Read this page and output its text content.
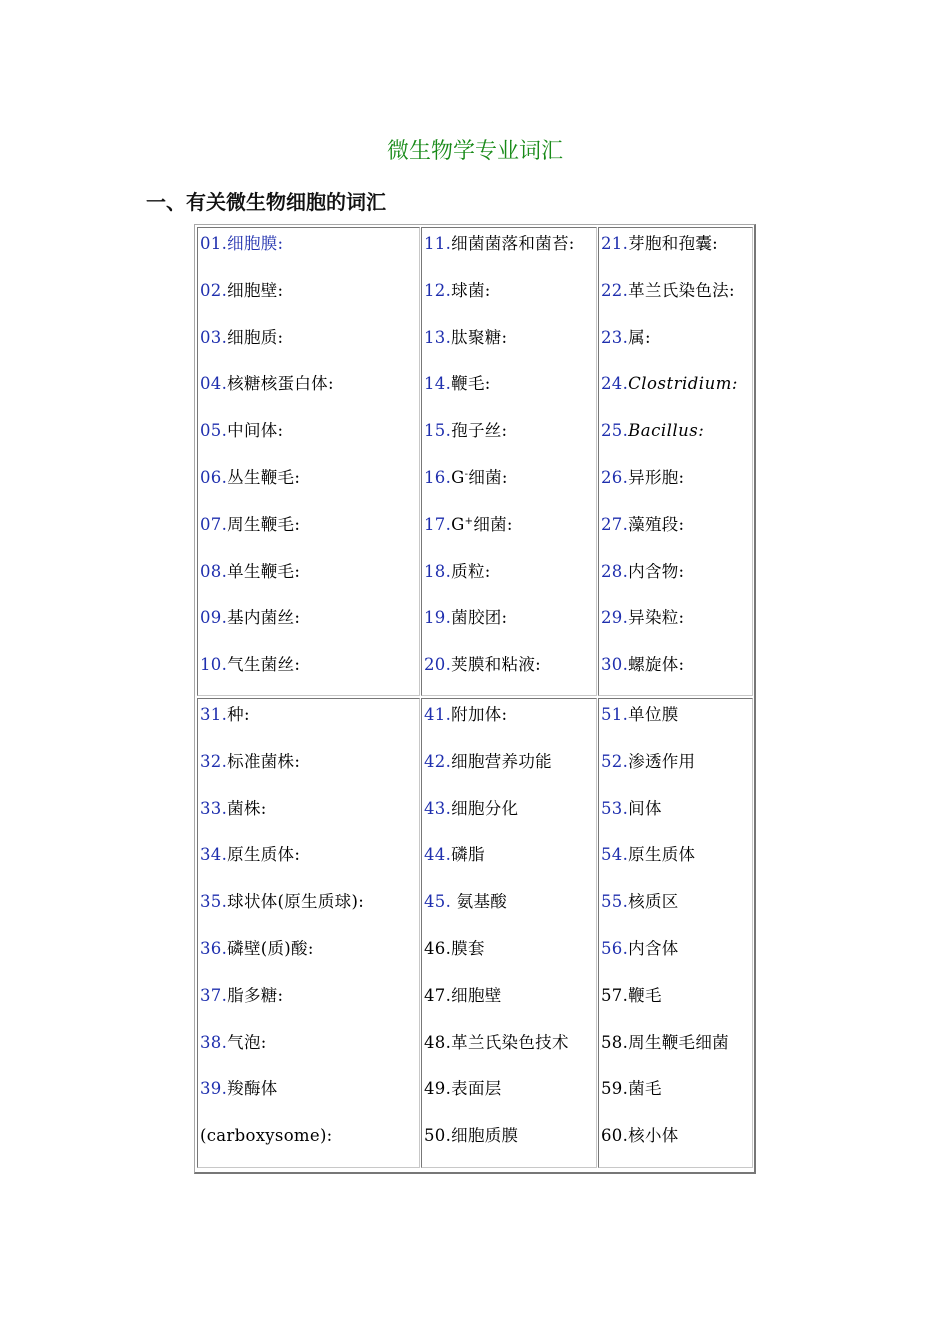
微生物学专业词汇
一、有关微生物细胞的词汇
01.细胞膜:
02.细胞壁:
03.细胞质:
04.核糖核蛋白体:
05.中间体:
06.丛生鞭毛:
07.周生鞭毛:
08.单生鞭毛:
09.基内菌丝:
10.气生菌丝:
11.细菌菌落和菌苔:
12.球菌:
13.肽聚糖:
14.鞭毛:
15.孢子丝:
16.G-细菌:
17.G+细菌:
18.质粒:
19.菌胶团:
20.荚膜和粘液:
21.芽胞和孢囊:
22.革兰氏染色法:
23.属:
24.Clostridium:
25.Bacillus:
26.异形胞:
27.藻殖段:
28.内含物:
29.异染粒:
30.螺旋体:
31.种:
32.标准菌株:
33.菌株:
34.原生质体:
35.球状体(原生质球):
36.磷壁(质)酸:
37.脂多糖:
38.气泡:
39.羧酶体
(carboxysome):
41.附加体:
42.细胞营养功能
43.细胞分化
44.磷脂
45. 氨基酸
46.膜套
47.细胞壁
48.革兰氏染色技术
49.表面层
50.细胞质膜
51.单位膜
52.渗透作用
53.间体
54.原生质体
55.核质区
56.内含体
57.鞭毛
58.周生鞭毛细菌
59.菌毛
60.核小体
